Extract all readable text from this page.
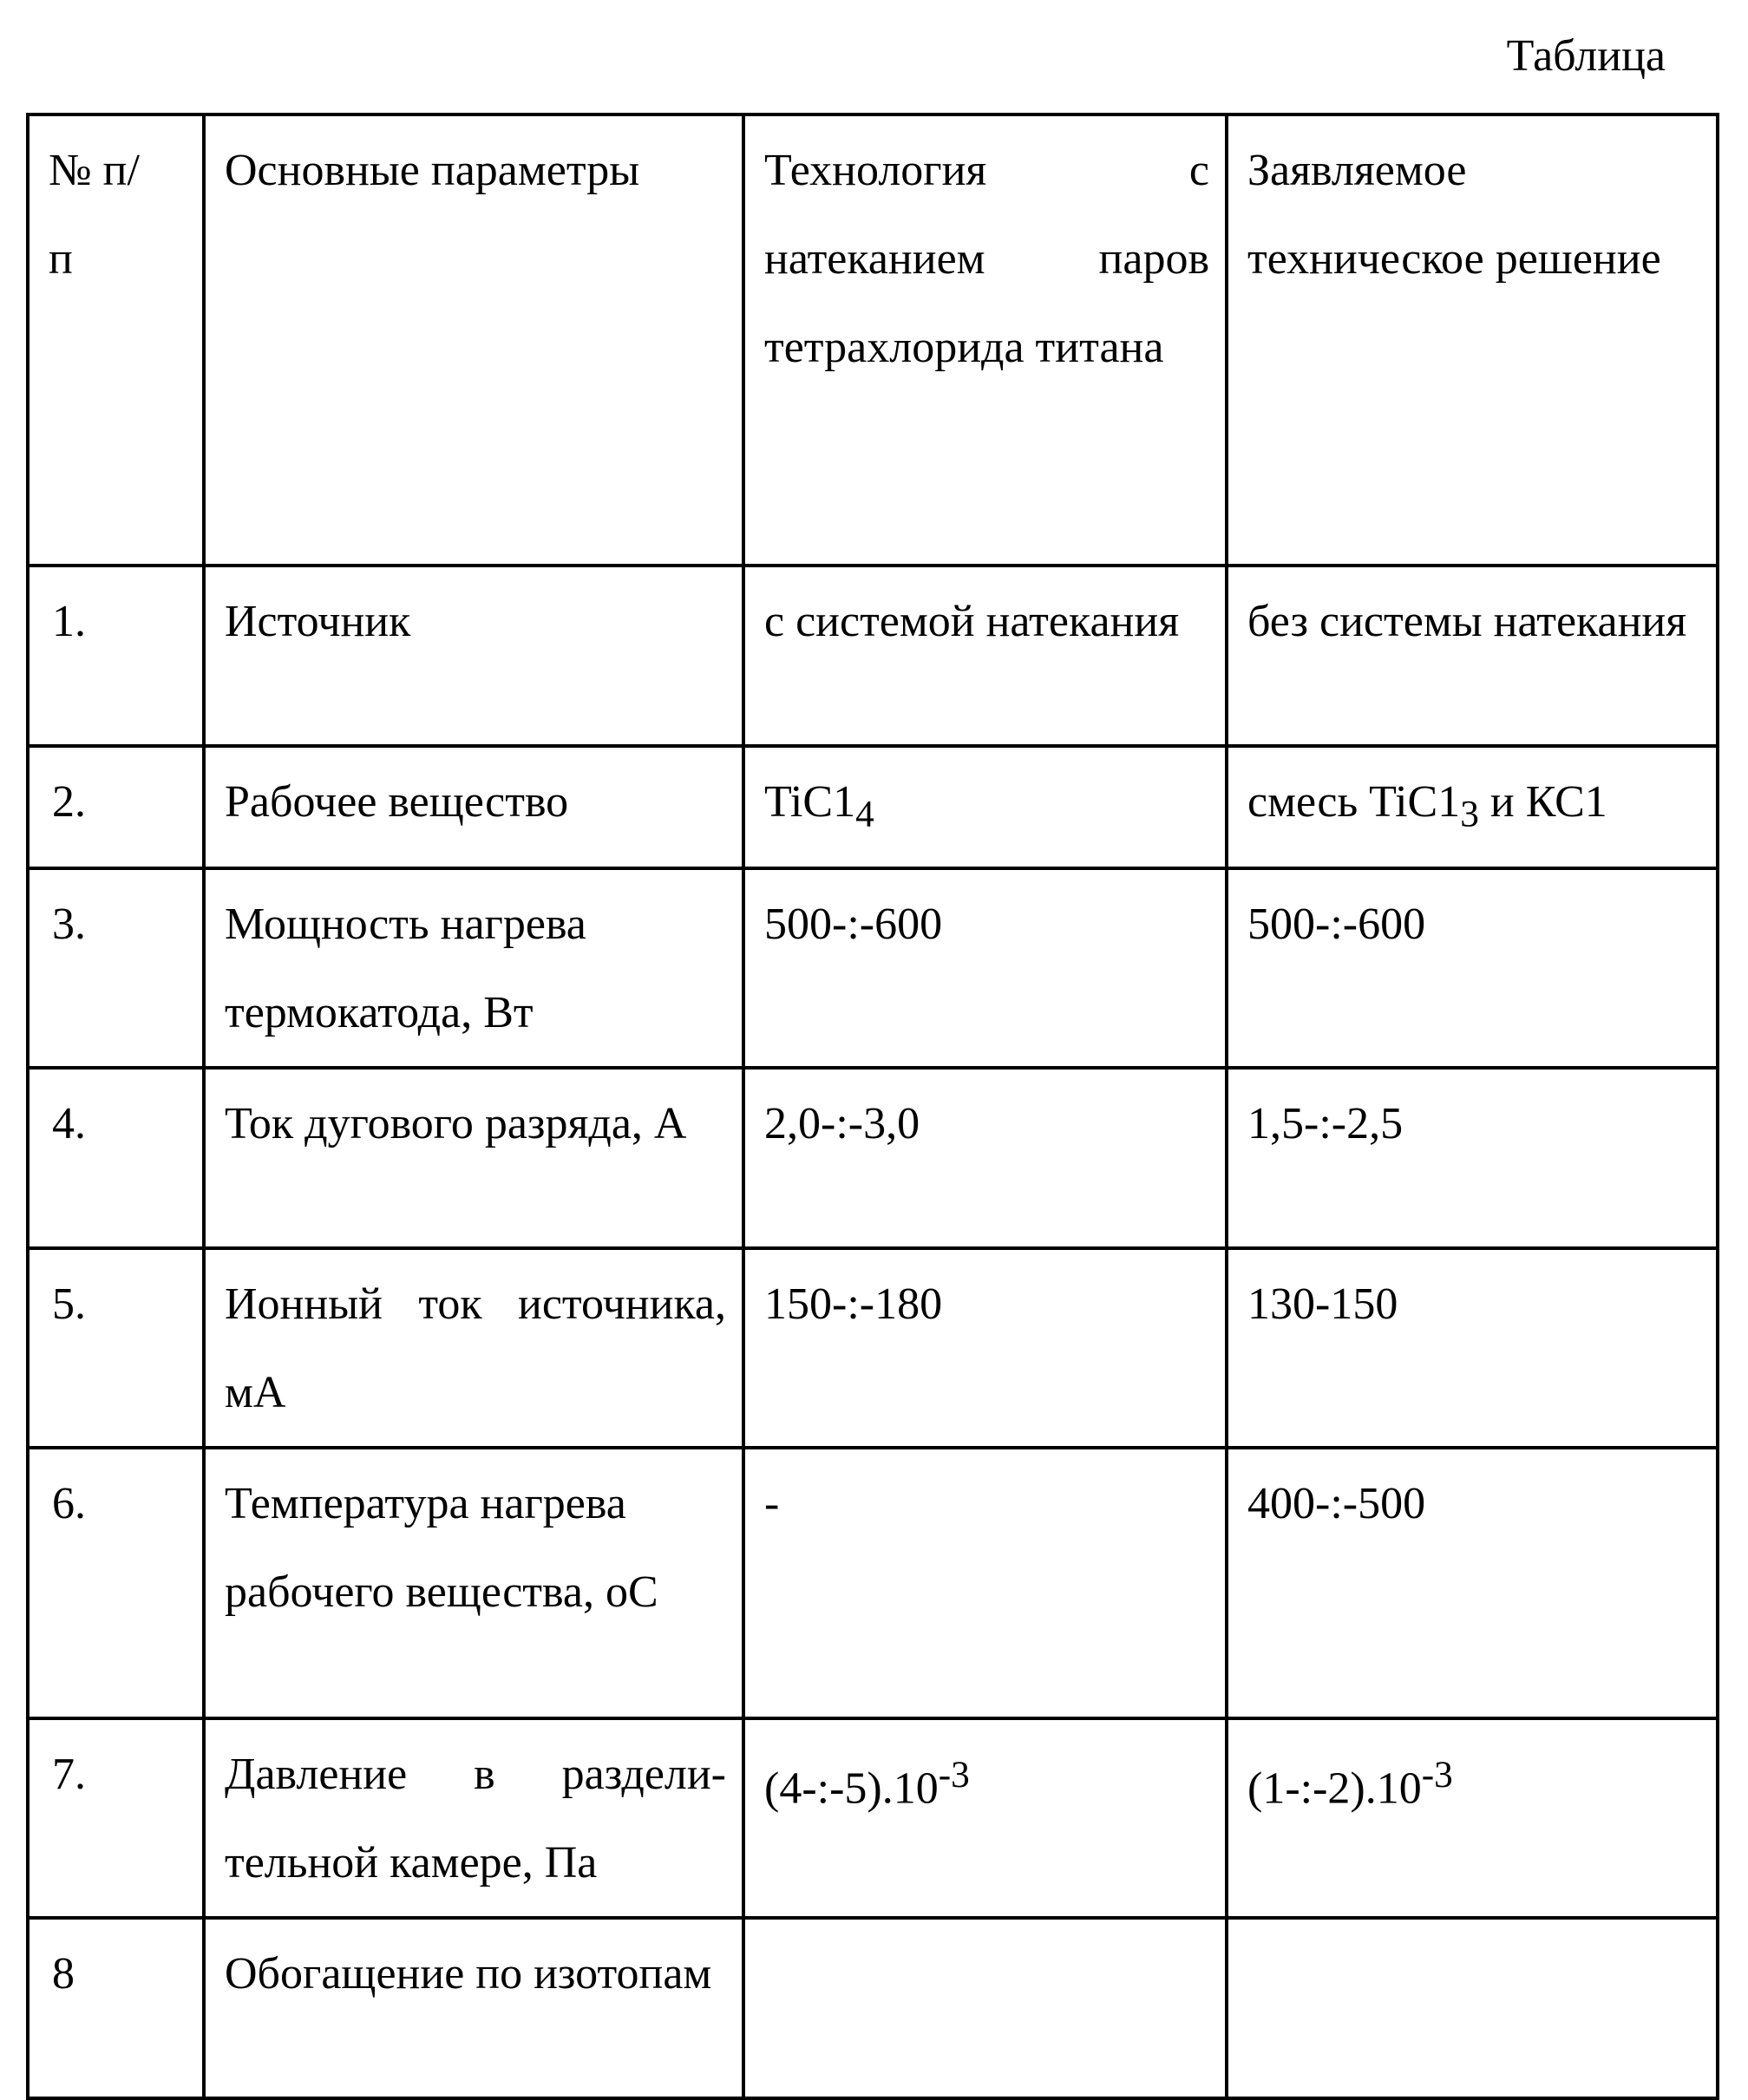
Таблица
№ п/п	Основные параметры	Технология с натеканием паров тетрахлорида титана	Заявляемое техническое решение
1.	Источник	с системой натекания	без системы натекания
2.	Рабочее вещество	$TiC1_4$	смесь $TiC1_3$ и КС1
3.	Мощность нагрева термокатода, Вт	500-:-600	500-:-600
4.	Ток дугового разряда, А	2,0-:-3,0	1,5-:-2,5
5.	Ионный ток источника, мА	150-:-180	130-150
6.	Температура нагрева рабочего вещества, оС	-	400-:-500
7.	Давление в раздели-тельной камере, Па	$(4-:-5).10^{-3}$	$(1-:-2).10^{-3}$
8	Обогащение по изотопам		
